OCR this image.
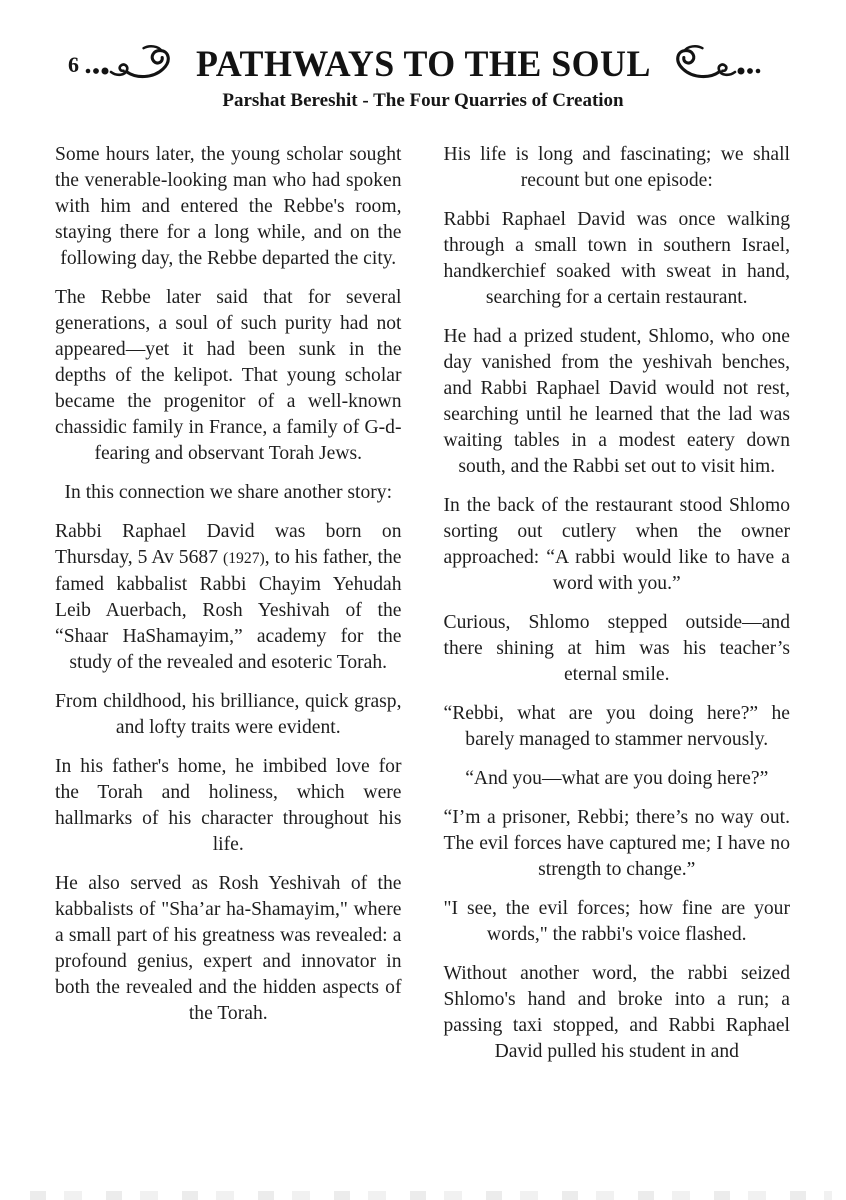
6	PATHWAYS TO THE SOUL
Parshat Bereshit - The Four Quarries of Creation

Some hours later, the young scholar sought the venerable-looking man who had spoken with him and entered the Rebbe's room, staying there for a long while, and on the following day, the Rebbe departed the city.

The Rebbe later said that for several generations, a soul of such purity had not appeared—yet it had been sunk in the depths of the kelipot. That young scholar became the progenitor of a well-known chassidic family in France, a family of G-d-fearing and observant Torah Jews.

In this connection we share another story:

Rabbi Raphael David was born on Thursday, 5 Av 5687 (1927), to his father, the famed kabbalist Rabbi Chayim Yehudah Leib Auerbach, Rosh Yeshivah of the “Shaar HaShamayim,” academy for the study of the revealed and esoteric Torah.

From childhood, his brilliance, quick grasp, and lofty traits were evident.

In his father's home, he imbibed love for the Torah and holiness, which were hallmarks of his character throughout his life.

He also served as Rosh Yeshivah of the kabbalists of "Sha’ar ha-Shamayim," where a small part of his greatness was revealed: a profound genius, expert and innovator in both the revealed and the hidden aspects of the Torah.

His life is long and fascinating; we shall recount but one episode:

Rabbi Raphael David was once walking through a small town in southern Israel, handkerchief soaked with sweat in hand, searching for a certain restaurant.

He had a prized student, Shlomo, who one day vanished from the yeshivah benches, and Rabbi Raphael David would not rest, searching until he learned that the lad was waiting tables in a modest eatery down south, and the Rabbi set out to visit him.

In the back of the restaurant stood Shlomo sorting out cutlery when the owner approached: “A rabbi would like to have a word with you.”

Curious, Shlomo stepped outside—and there shining at him was his teacher’s eternal smile.

“Rebbi, what are you doing here?” he barely managed to stammer nervously.

“And you—what are you doing here?”

“I’m a prisoner, Rebbi; there’s no way out. The evil forces have captured me; I have no strength to change.”

"I see, the evil forces; how fine are your words," the rabbi's voice flashed.

Without another word, the rabbi seized Shlomo's hand and broke into a run; a passing taxi stopped, and Rabbi Raphael David pulled his student in and
